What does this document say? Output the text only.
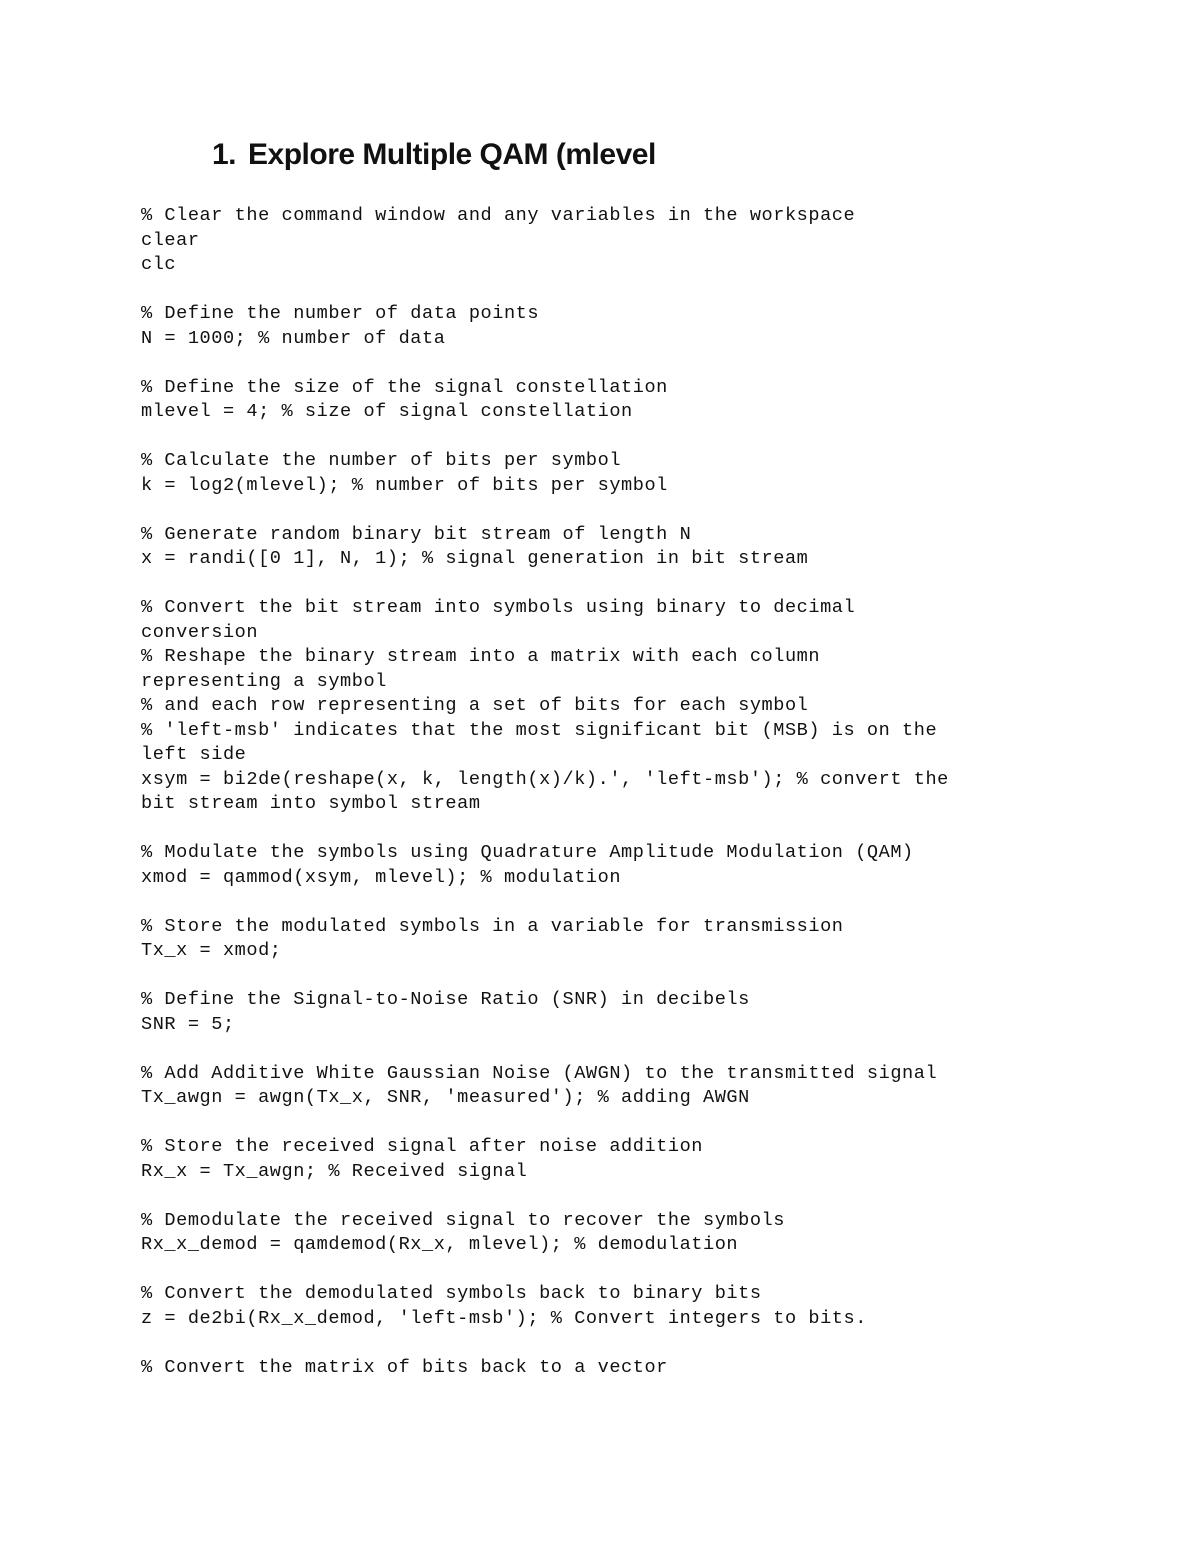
1. Explore Multiple QAM (mlevel
% Clear the command window and any variables in the workspace
clear
clc
% Define the number of data points
N = 1000; % number of data
% Define the size of the signal constellation
mlevel = 4; % size of signal constellation
% Calculate the number of bits per symbol
k = log2(mlevel); % number of bits per symbol
% Generate random binary bit stream of length N
x = randi([0 1], N, 1); % signal generation in bit stream
% Convert the bit stream into symbols using binary to decimal
conversion
% Reshape the binary stream into a matrix with each column
representing a symbol
% and each row representing a set of bits for each symbol
% 'left-msb' indicates that the most significant bit (MSB) is on the
left side
xsym = bi2de(reshape(x, k, length(x)/k).', 'left-msb'); % convert the
bit stream into symbol stream
% Modulate the symbols using Quadrature Amplitude Modulation (QAM)
xmod = qammod(xsym, mlevel); % modulation
% Store the modulated symbols in a variable for transmission
Tx_x = xmod;
% Define the Signal-to-Noise Ratio (SNR) in decibels
SNR = 5;
% Add Additive White Gaussian Noise (AWGN) to the transmitted signal
Tx_awgn = awgn(Tx_x, SNR, 'measured'); % adding AWGN
% Store the received signal after noise addition
Rx_x = Tx_awgn; % Received signal
% Demodulate the received signal to recover the symbols
Rx_x_demod = qamdemod(Rx_x, mlevel); % demodulation
% Convert the demodulated symbols back to binary bits
z = de2bi(Rx_x_demod, 'left-msb'); % Convert integers to bits.
% Convert the matrix of bits back to a vector
